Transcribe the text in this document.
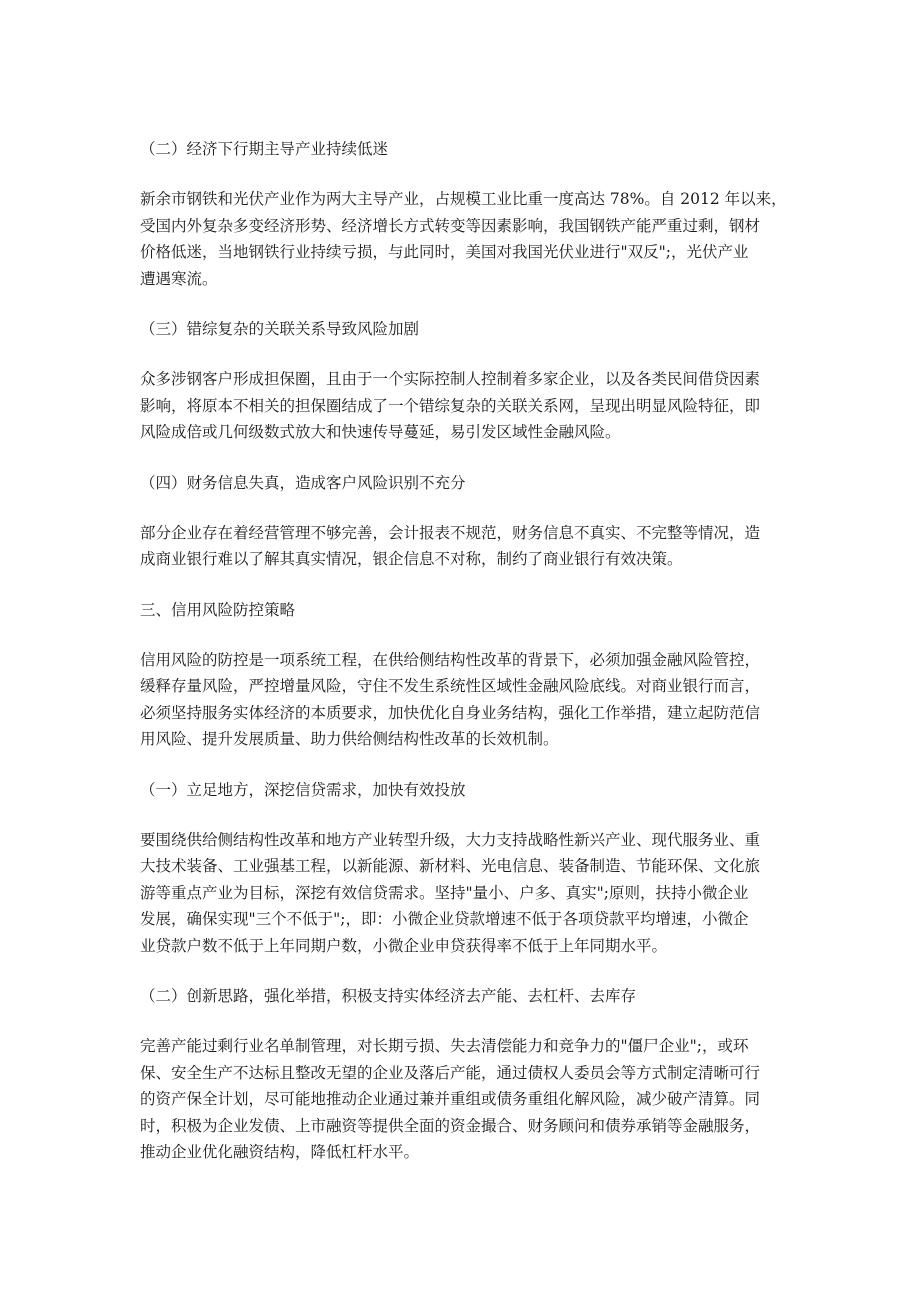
（二）经济下行期主导产业持续低迷
新余市钢铁和光伏产业作为两大主导产业，占规模工业比重一度高达 78%。自 2012 年以来，
受国内外复杂多变经济形势、经济增长方式转变等因素影响，我国钢铁产能严重过剩，钢材
价格低迷，当地钢铁行业持续亏损，与此同时，美国对我国光伏业进行"双反";，光伏产业
遭遇寒流。
（三）错综复杂的关联关系导致风险加剧
众多涉钢客户形成担保圈，且由于一个实际控制人控制着多家企业，以及各类民间借贷因素
影响，将原本不相关的担保圈结成了一个错综复杂的关联关系网，呈现出明显风险特征，即
风险成倍或几何级数式放大和快速传导蔓延，易引发区域性金融风险。
（四）财务信息失真，造成客户风险识别不充分
部分企业存在着经营管理不够完善，会计报表不规范，财务信息不真实、不完整等情况，造
成商业银行难以了解其真实情况，银企信息不对称，制约了商业银行有效决策。
三、信用风险防控策略
信用风险的防控是一项系统工程，在供给侧结构性改革的背景下，必须加强金融风险管控，
缓释存量风险，严控增量风险，守住不发生系统性区域性金融风险底线。对商业银行而言，
必须坚持服务实体经济的本质要求，加快优化自身业务结构，强化工作举措，建立起防范信
用风险、提升发展质量、助力供给侧结构性改革的长效机制。
（一）立足地方，深挖信贷需求，加快有效投放
要围绕供给侧结构性改革和地方产业转型升级，大力支持战略性新兴产业、现代服务业、重
大技术装备、工业强基工程，以新能源、新材料、光电信息、装备制造、节能环保、文化旅
游等重点产业为目标，深挖有效信贷需求。坚持"量小、户多、真实";原则，扶持小微企业
发展，确保实现"三个不低于";，即：小微企业贷款增速不低于各项贷款平均增速，小微企
业贷款户数不低于上年同期户数，小微企业申贷获得率不低于上年同期水平。
（二）创新思路，强化举措，积极支持实体经济去产能、去杠杆、去库存
完善产能过剩行业名单制管理，对长期亏损、失去清偿能力和竞争力的"僵尸企业";，或环
保、安全生产不达标且整改无望的企业及落后产能，通过债权人委员会等方式制定清晰可行
的资产保全计划，尽可能地推动企业通过兼并重组或债务重组化解风险，减少破产清算。同
时，积极为企业发债、上市融资等提供全面的资金撮合、财务顾问和债券承销等金融服务，
推动企业优化融资结构，降低杠杆水平。
